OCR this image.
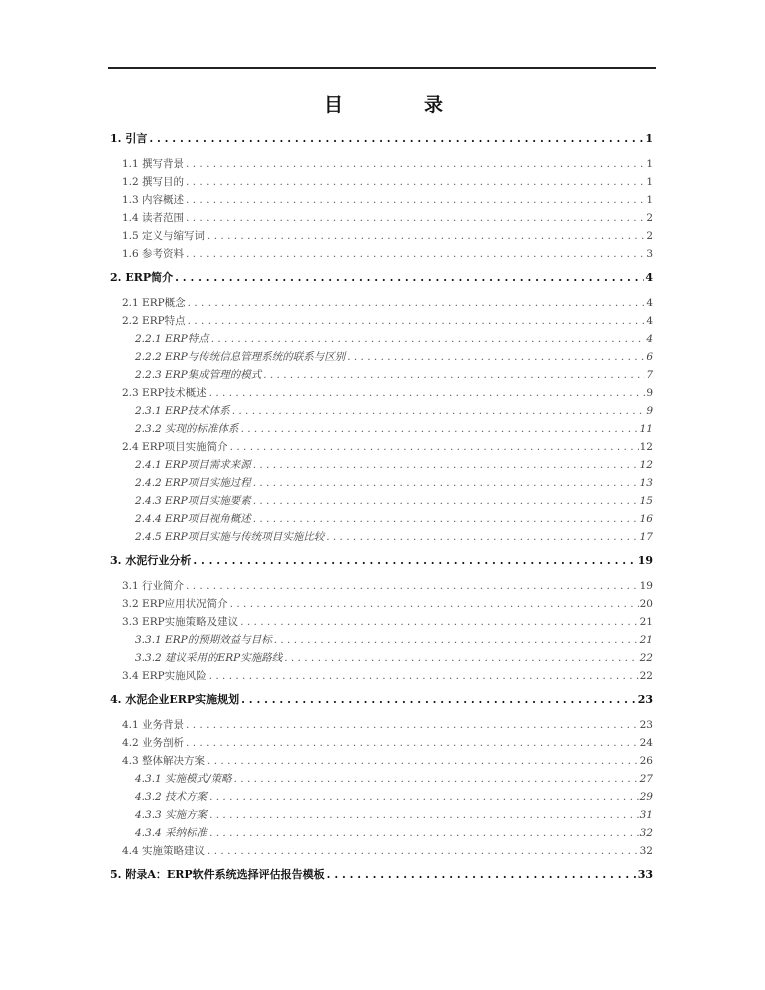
目	录
1. 引言 . . .	1
1.1 撰写背景 . . .	1
1.2 撰写目的 . . .	1
1.3 内容概述 . . .	1
1.4 读者范围 . . .	2
1.5 定义与缩写词 . . .	2
1.6 参考资料 . . .	3
2. ERP简介 . . .	4
2.1 ERP概念 . . .	4
2.2 ERP特点 . . .	4
2.2.1 ERP特点 . . .	4
2.2.2 ERP与传统信息管理系统的联系与区别 . . .	6
2.2.3 ERP集成管理的模式 . . .	7
2.3 ERP技术概述 . . .	9
2.3.1 ERP技术体系 . . .	9
2.3.2 实现的标准体系 . . .	11
2.4 ERP项目实施简介 . . .	12
2.4.1 ERP项目需求来源 . . .	12
2.4.2 ERP项目实施过程 . . .	13
2.4.3 ERP项目实施要素 . . .	15
2.4.4 ERP项目视角概述 . . .	16
2.4.5 ERP项目实施与传统项目实施比较 . . .	17
3. 水泥行业分析 . . .	19
3.1 行业简介 . . .	19
3.2 ERP应用状况简介 . . .	20
3.3 ERP实施策略及建议 . . .	21
3.3.1 ERP的预期效益与目标 . . .	21
3.3.2 建议采用的ERP实施路线 . . .	22
3.4 ERP实施风险 . . .	22
4. 水泥企业ERP实施规划 . . .	23
4.1 业务背景 . . .	23
4.2 业务剖析 . . .	24
4.3 整体解决方案 . . .	26
4.3.1 实施模式/策略 . . .	27
4.3.2 技术方案 . . .	29
4.3.3 实施方案 . . .	31
4.3.4 采纳标准 . . .	32
4.4 实施策略建议 . . .	32
5. 附录A：ERP软件系统选择评估报告模板 . . .	33
